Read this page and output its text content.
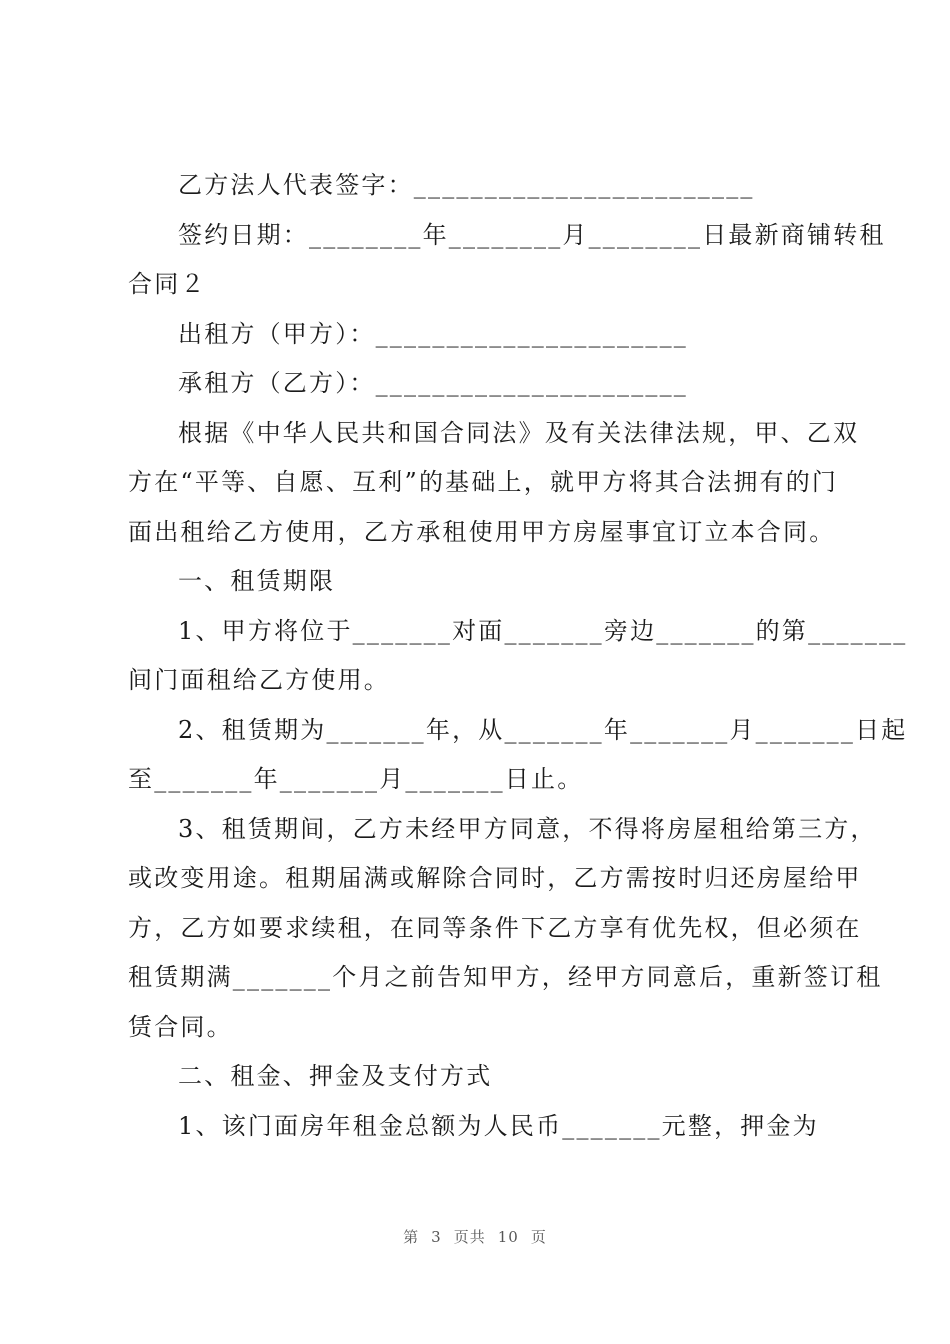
乙方法人代表签字：________________________
签约日期：________年________月________日最新商铺转租
合同２
出租方（甲方）：______________________
承租方（乙方）：______________________
根据《中华人民共和国合同法》及有关法律法规，甲、乙双
方在“平等、自愿、互利”的基础上，就甲方将其合法拥有的门
面出租给乙方使用，乙方承租使用甲方房屋事宜订立本合同。
一、租赁期限
1、甲方将位于_______对面_______旁边_______的第_______
间门面租给乙方使用。
2、租赁期为_______年，从_______年_______月_______日起
至_______年_______月_______日止。
3、租赁期间，乙方未经甲方同意，不得将房屋租给第三方，
或改变用途。租期届满或解除合同时，乙方需按时归还房屋给甲
方，乙方如要求续租，在同等条件下乙方享有优先权，但必须在
租赁期满_______个月之前告知甲方，经甲方同意后，重新签订租
赁合同。
二、租金、押金及支付方式
1、该门面房年租金总额为人民币_______元整，押金为
第 3 页共 10 页
